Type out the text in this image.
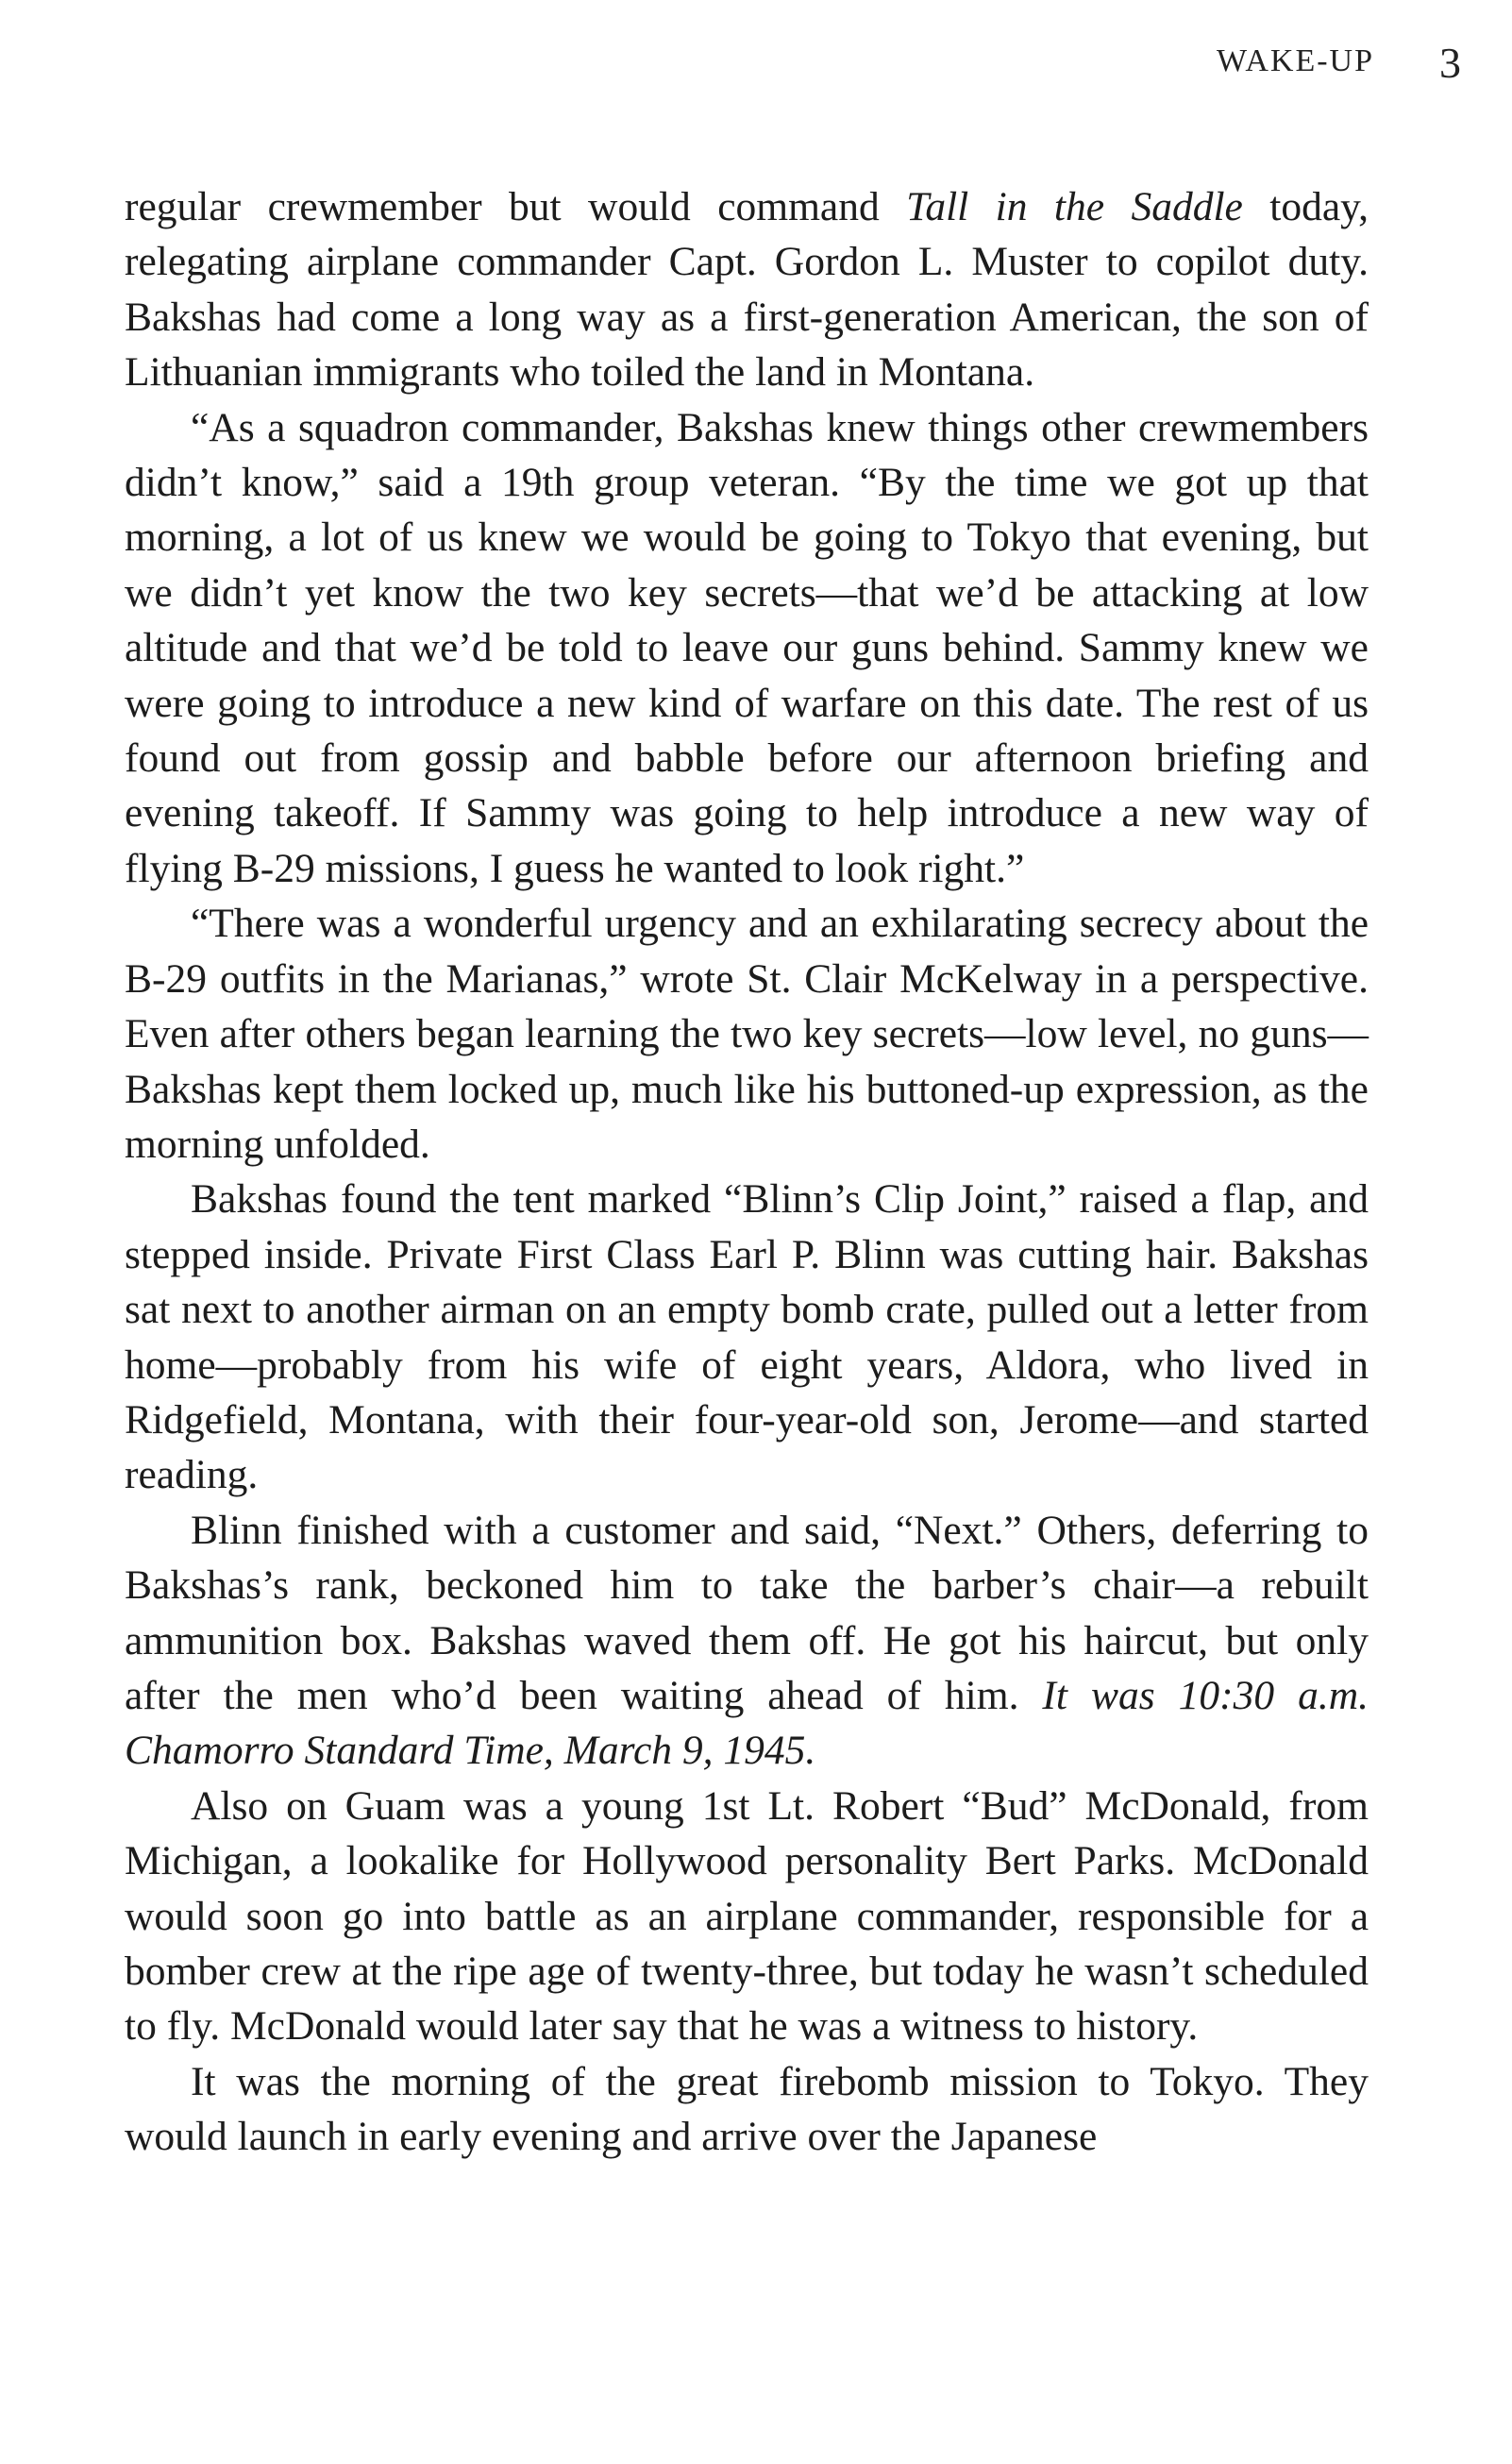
WAKE-UP 3

regular crewmember but would command Tall in the Saddle today, relegating airplane commander Capt. Gordon L. Muster to copilot duty. Bakshas had come a long way as a first-generation American, the son of Lithuanian immigrants who toiled the land in Montana.

“As a squadron commander, Bakshas knew things other crewmembers didn’t know,” said a 19th group veteran. “By the time we got up that morning, a lot of us knew we would be going to Tokyo that evening, but we didn’t yet know the two key secrets—that we’d be attacking at low altitude and that we’d be told to leave our guns behind. Sammy knew we were going to introduce a new kind of warfare on this date. The rest of us found out from gossip and babble before our afternoon briefing and evening takeoff. If Sammy was going to help introduce a new way of flying B-29 missions, I guess he wanted to look right.”

“There was a wonderful urgency and an exhilarating secrecy about the B-29 outfits in the Marianas,” wrote St. Clair McKelway in a perspective. Even after others began learning the two key secrets—low level, no guns—Bakshas kept them locked up, much like his buttoned-up expression, as the morning unfolded.

Bakshas found the tent marked “Blinn’s Clip Joint,” raised a flap, and stepped inside. Private First Class Earl P. Blinn was cutting hair. Bakshas sat next to another airman on an empty bomb crate, pulled out a letter from home—probably from his wife of eight years, Aldora, who lived in Ridgefield, Montana, with their four-year-old son, Jerome—and started reading.

Blinn finished with a customer and said, “Next.” Others, deferring to Bakshas’s rank, beckoned him to take the barber’s chair—a rebuilt ammunition box. Bakshas waved them off. He got his haircut, but only after the men who’d been waiting ahead of him. It was 10:30 a.m. Chamorro Standard Time, March 9, 1945.

Also on Guam was a young 1st Lt. Robert “Bud” McDonald, from Michigan, a lookalike for Hollywood personality Bert Parks. McDonald would soon go into battle as an airplane commander, responsible for a bomber crew at the ripe age of twenty-three, but today he wasn’t scheduled to fly. McDonald would later say that he was a witness to history.

It was the morning of the great firebomb mission to Tokyo. They would launch in early evening and arrive over the Japanese
